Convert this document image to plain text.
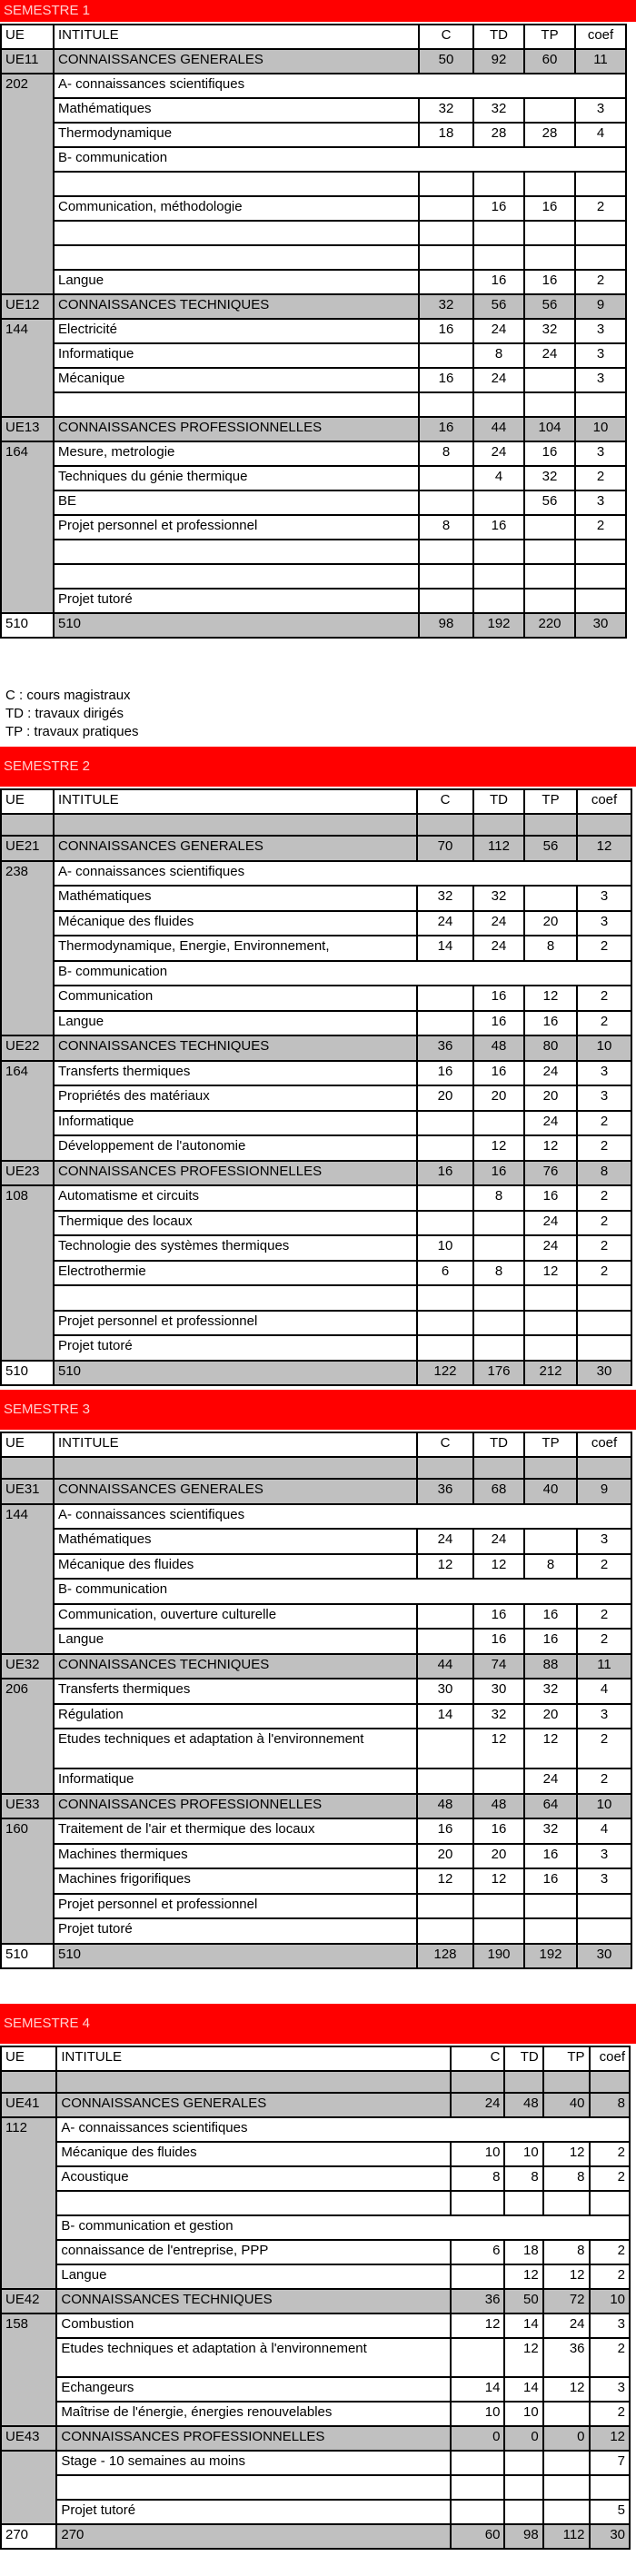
SEMESTRE 1
UE	INTITULE	C	TD	TP	coef
UE11	CONNAISSANCES GENERALES	50	92	60	11
202	A- connaissances scientifiques				
	Mathématiques	32	32		3
	Thermodynamique	18	28	28	4
	B- communication				

	Communication, méthodologie		16	16	2

	Langue		16	16	2
UE12	CONNAISSANCES TECHNIQUES	32	56	56	9
144	Electricité	16	24	32	3
	Informatique		8	24	3
	Mécanique	16	24		3

UE13	CONNAISSANCES PROFESSIONNELLES	16	44	104	10
164	Mesure, metrologie	8	24	16	3
	Techniques du génie thermique		4	32	2
	BE			56	3
	Projet personnel et professionnel	8	16		2

	Projet tutoré				
510	510	98	192	220	30
C : cours magistraux
TD : travaux dirigés
TP : travaux pratiques
SEMESTRE 2
UE	INTITULE	C	TD	TP	coef

UE21	CONNAISSANCES GENERALES	70	112	56	12
238	A- connaissances scientifiques				
	Mathématiques	32	32		3
	Mécanique des fluides	24	24	20	3
	Thermodynamique, Energie, Environnement,	14	24	8	2
	B- communication				
	Communication		16	12	2
	Langue		16	16	2
UE22	CONNAISSANCES TECHNIQUES	36	48	80	10
164	Transferts thermiques	16	16	24	3
	Propriétés des matériaux	20	20	20	3
	Informatique			24	2
	Développement de l'autonomie		12	12	2
UE23	CONNAISSANCES PROFESSIONNELLES	16	16	76	8
108	Automatisme et circuits		8	16	2
	Thermique des locaux			24	2
	Technologie des systèmes thermiques	10		24	2
	Electrothermie	6	8	12	2

	Projet personnel et professionnel				
	Projet tutoré				
510	510	122	176	212	30
SEMESTRE 3
UE	INTITULE	C	TD	TP	coef

UE31	CONNAISSANCES GENERALES	36	68	40	9
144	A- connaissances scientifiques				
	Mathématiques	24	24		3
	Mécanique des fluides	12	12	8	2
	B- communication				
	Communication, ouverture culturelle		16	16	2
	Langue		16	16	2
UE32	CONNAISSANCES TECHNIQUES	44	74	88	11
206	Transferts thermiques	30	30	32	4
	Régulation	14	32	20	3
	Etudes techniques et adaptation à l'environnement		12	12	2
	Informatique			24	2
UE33	CONNAISSANCES PROFESSIONNELLES	48	48	64	10
160	Traitement de l'air et thermique des locaux	16	16	32	4
	Machines thermiques	20	20	16	3
	Machines frigorifiques	12	12	16	3
	Projet personnel et professionnel				
	Projet tutoré				
510	510	128	190	192	30
SEMESTRE 4
UE	INTITULE	C	TD	TP	coef

UE41	CONNAISSANCES GENERALES	24	48	40	8
112	A- connaissances scientifiques				
	Mécanique des fluides	10	10	12	2
	Acoustique	8	8	8	2

	B- communication et gestion				
	connaissance de l'entreprise, PPP	6	18	8	2
	Langue		12	12	2
UE42	CONNAISSANCES TECHNIQUES	36	50	72	10
158	Combustion	12	14	24	3
	Etudes techniques et adaptation à l'environnement		12	36	2
	Echangeurs	14	14	12	3
	Maîtrise de l'énergie, énergies renouvelables	10	10		2
UE43	CONNAISSANCES PROFESSIONNELLES	0	0	0	12
	Stage - 10 semaines au moins				7

	Projet tutoré				5
270	270	60	98	112	30
